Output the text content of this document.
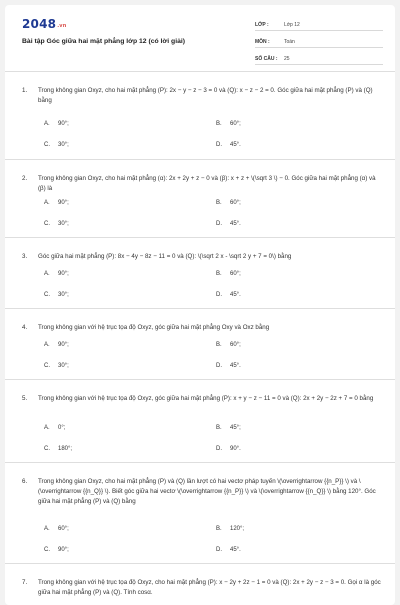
2048.vn
Bài tập Góc giữa hai mặt phẳng lớp 12 (có lời giải)
LỚP :	Lớp 12
MÔN :	Toán
SỐ CÂU :	25
1.	Trong không gian Oxyz, cho hai mặt phẳng (P): 2x − y − z − 3 = 0 và (Q): x − z − 2 = 0. Góc giữa hai mặt phẳng (P) và (Q) bằng
A.	90°;	B.	60°;
C.	30°;	D.	45°.
2.	Trong không gian Oxyz, cho hai mặt phẳng (α): 2x + 2y + z − 0 và (β): x + z + \(\sqrt 3 \) − 0. Góc giữa hai mặt phẳng (α) và (β) là
A.	90°;	B.	60°;
C.	30°;	D.	45°.
3.	Góc giữa hai mặt phẳng (P): 8x − 4y − 8z − 11 = 0 và (Q): \(\sqrt 2 x - \sqrt 2 y + 7 = 0\) bằng
A.	90°;	B.	60°;
C.	30°;	D.	45°.
4.	Trong không gian với hệ trục tọa độ Oxyz, góc giữa hai mặt phẳng Oxy và Oxz bằng
A.	90°;	B.	60°;
C.	30°;	D.	45°.
5.	Trong không gian với hệ trục tọa độ Oxyz, góc giữa hai mặt phẳng (P): x + y − z − 11 = 0 và (Q): 2x + 2y − 2z + 7 = 0 bằng
A.	0°;	B.	45°;
C.	180°;	D.	90°.
6.	Trong không gian Oxyz, cho hai mặt phẳng (P) và (Q) lần lượt có hai vectơ pháp tuyến \(\overrightarrow {{n_P}} \) và \(\overrightarrow {{n_Q}} \). Biết góc giữa hai vectơ \(\overrightarrow {{n_P}} \) và \(\overrightarrow {{n_Q}} \) bằng 120°. Góc giữa hai mặt phẳng (P) và (Q) bằng
A.	60°;	B.	120°;
C.	90°;	D.	45°.
7.	Trong không gian với hệ trục tọa độ Oxyz, cho hai mặt phẳng (P): x − 2y + 2z − 1 = 0 và (Q): 2x + 2y − z − 3 = 0. Gọi α là góc giữa hai mặt phẳng (P) và (Q). Tính cosα.
